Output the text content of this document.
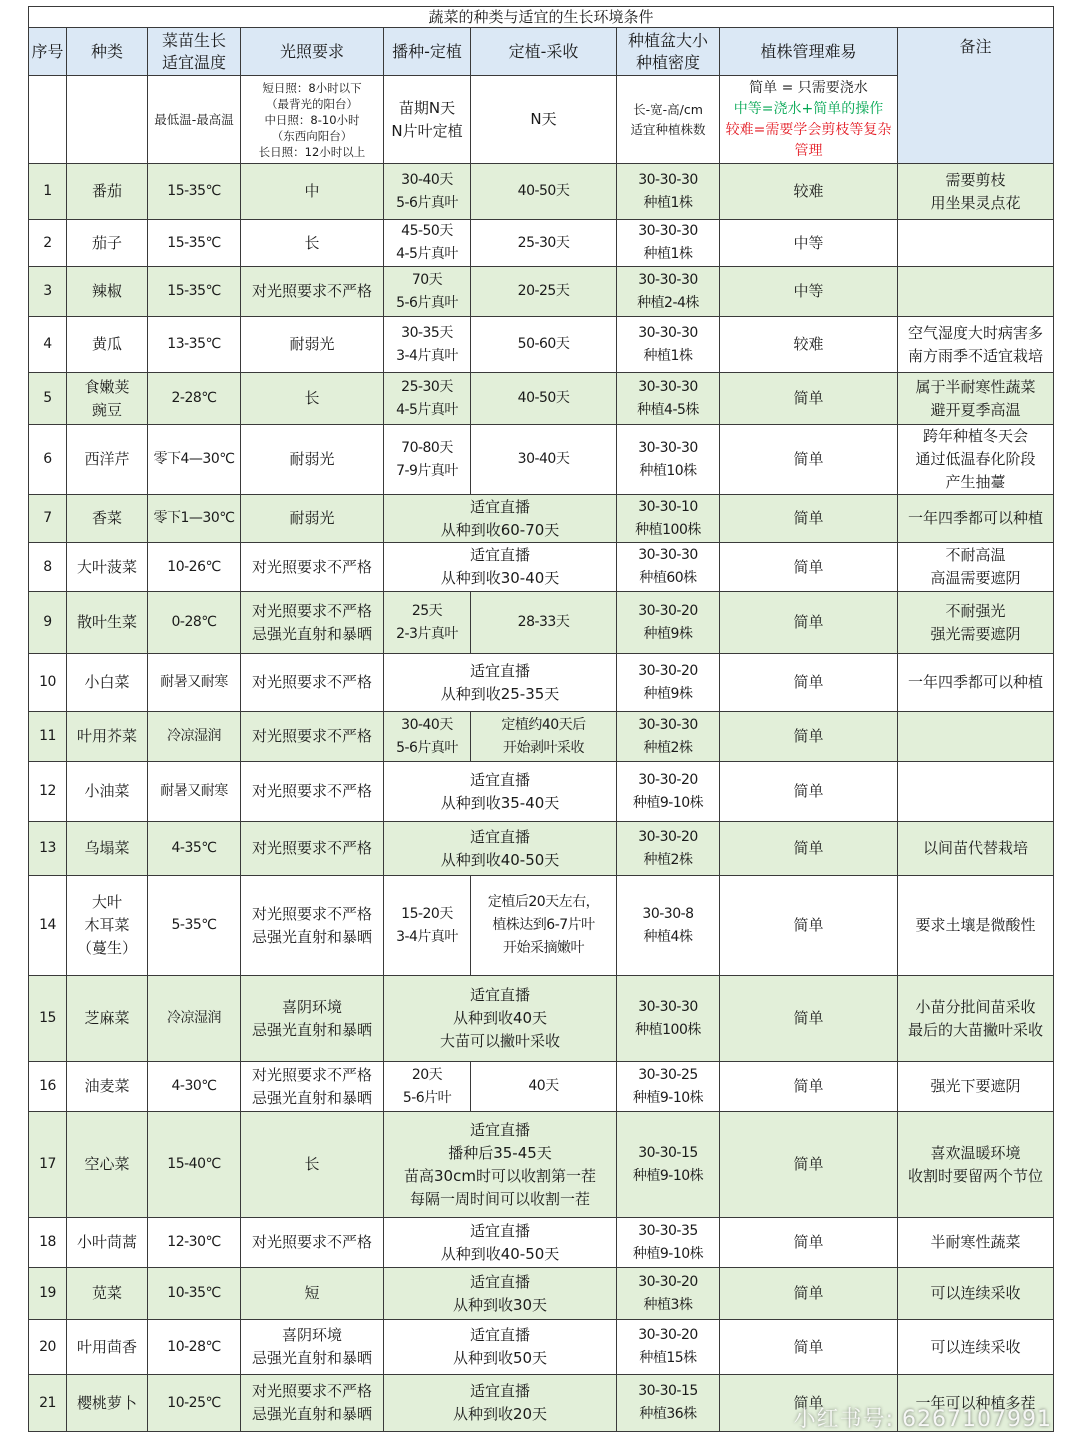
蔬菜的种类与适宜的生长环境条件								
序号	种类	菜苗生长
适宜温度	光照要求	播种-定植	定植-采收	种植盆大小
种植密度	植株管理难易	备注
		最低温-最高温	短日照：8小时以下
（最背光的阳台）
中日照：8-10小时
（东西向阳台）
长日照：12小时以上	苗期N天
N片叶定植	N天	长-宽-高/cm
适宜种植株数	简单 = 只需要浇水
中等=浇水+简单的操作
较难=需要学会剪枝等复杂管理	
1	番茄	15-35℃	中	30-40天
5-6片真叶	40-50天	30-30-30
种植1株	较难	需要剪枝
用坐果灵点花
2	茄子	15-35℃	长	45-50天
4-5片真叶	25-30天	30-30-30
种植1株	中等	
3	辣椒	15-35℃	对光照要求不严格	70天
5-6片真叶	20-25天	30-30-30
种植2-4株	中等	
4	黄瓜	13-35℃	耐弱光	30-35天
3-4片真叶	50-60天	30-30-30
种植1株	较难	空气湿度大时病害多
南方雨季不适宜栽培
5	食嫩荚
豌豆	2-28℃	长	25-30天
4-5片真叶	40-50天	30-30-30
种植4-5株	简单	属于半耐寒性蔬菜
避开夏季高温
6	西洋芹	零下4—30℃	耐弱光	70-80天
7-9片真叶	30-40天	30-30-30
种植10株	简单	跨年种植冬天会
通过低温春化阶段
产生抽薹
7	香菜	零下1—30℃	耐弱光	适宜直播
从种到收60-70天		30-30-10
种植100株	简单	一年四季都可以种植
8	大叶菠菜	10-26℃	对光照要求不严格	适宜直播
从种到收30-40天		30-30-30
种植60株	简单	不耐高温
高温需要遮阴
9	散叶生菜	0-28℃	对光照要求不严格
忌强光直射和暴晒	25天
2-3片真叶	28-33天	30-30-20
种植9株	简单	不耐强光
强光需要遮阴
10	小白菜	耐暑又耐寒	对光照要求不严格	适宜直播
从种到收25-35天		30-30-20
种植9株	简单	一年四季都可以种植
11	叶用芥菜	冷凉湿润	对光照要求不严格	30-40天
5-6片真叶	定植约40天后
开始剥叶采收	30-30-30
种植2株	简单	
12	小油菜	耐暑又耐寒	对光照要求不严格	适宜直播
从种到收35-40天		30-30-20
种植9-10株	简单	
13	乌塌菜	4-35℃	对光照要求不严格	适宜直播
从种到收40-50天		30-30-20
种植2株	简单	以间苗代替栽培
14	大叶
木耳菜
（蔓生）	5-35℃	对光照要求不严格
忌强光直射和暴晒	15-20天
3-4片真叶	定植后20天左右，
植株达到6-7片叶
开始采摘嫩叶	30-30-8
种植4株	简单	要求土壤是微酸性
15	芝麻菜	冷凉湿润	喜阴环境
忌强光直射和暴晒	适宜直播
从种到收40天
大苗可以撇叶采收		30-30-30
种植100株	简单	小苗分批间苗采收
最后的大苗撇叶采收
16	油麦菜	4-30℃	对光照要求不严格
忌强光直射和暴晒	20天
5-6片叶	40天	30-30-25
种植9-10株	简单	强光下要遮阴
17	空心菜	15-40℃	长	适宜直播
播种后35-45天
苗高30cm时可以收割第一茬
每隔一周时间可以收割一茬		30-30-15
种植9-10株	简单	喜欢温暖环境
收割时要留两个节位
18	小叶茼蒿	12-30℃	对光照要求不严格	适宜直播
从种到收40-50天		30-30-35
种植9-10株	简单	半耐寒性蔬菜
19	苋菜	10-35℃	短	适宜直播
从种到收30天		30-30-20
种植3株	简单	可以连续采收
20	叶用茴香	10-28℃	喜阴环境
忌强光直射和暴晒	适宜直播
从种到收50天		30-30-20
种植15株	简单	可以连续采收
21	樱桃萝卜	10-25℃	对光照要求不严格
忌强光直射和暴晒	适宜直播
从种到收20天		30-30-15
种植36株	简单	一年可以种植多茬
小红书号: 6267107991
